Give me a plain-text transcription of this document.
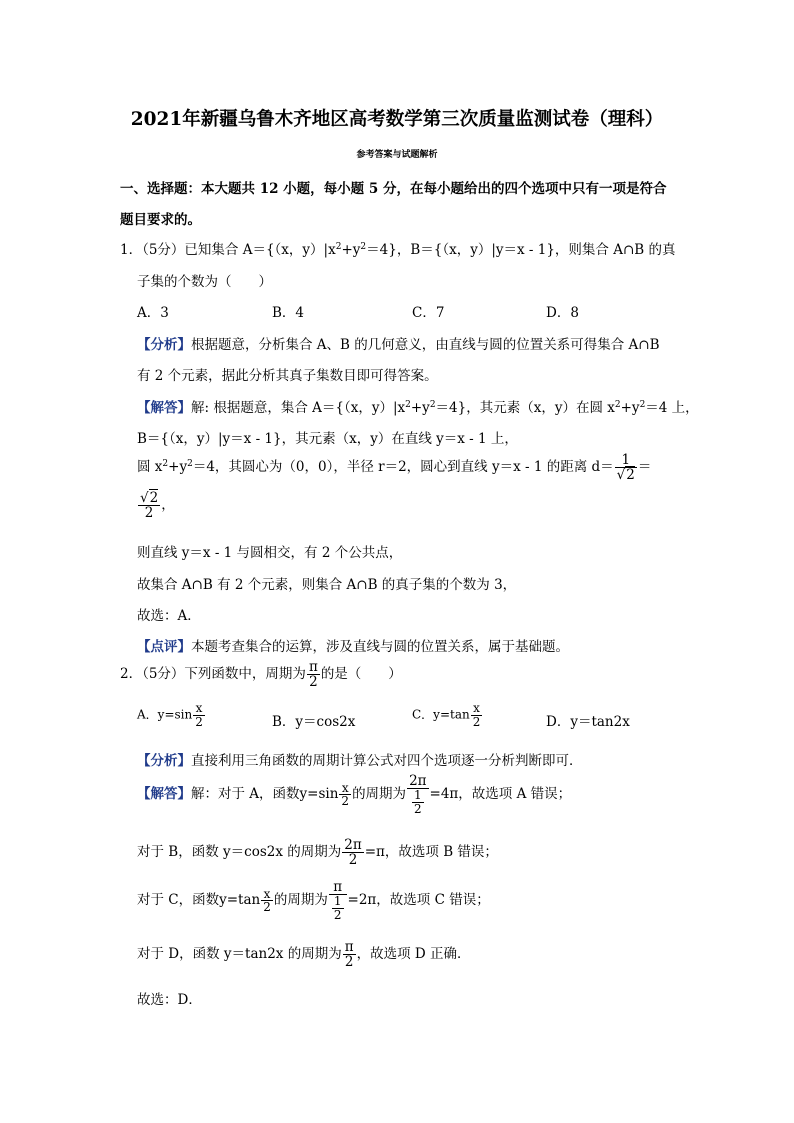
2021年新疆乌鲁木齐地区高考数学第三次质量监测试卷（理科）
参考答案与试题解析
一、选择题：本大题共 12 小题，每小题 5 分，在每小题给出的四个选项中只有一项是符合
题目要求的。
1．（5分）已知集合 A＝{（x，$y)|x^2+y^2=4$}，B＝{（x，y）|y＝x - 1}，则集合 A∩B 的真
子集的个数为（　　）
A．3	B．4	C．7	D．8
【分析】根据题意，分析集合 A、B 的几何意义，由直线与圆的位置关系可得集合 A∩B
有 2 个元素，据此分析其真子集数目即可得答案。
【解答】解: 根据题意，集合 A＝{（x，$y)|x^2+y^2=4$}，其元素（x，y）在圆 $x^2+y^2=4$ 上，
B＝{（x，y）|y＝x - 1}，其元素（x，y）在直线 y＝x - 1 上，
圆 $x^2+y^2=4$，其圆心为（0，0），半径 r＝2，圆心到直线 y＝x - 1 的距离 $d= \frac{1}{√2}$ ＝
$\frac{√2}{2}$ ，
则直线 y＝x - 1 与圆相交，有 2 个公共点，
故集合 A∩B 有 2 个元素，则集合 A∩B 的真子集的个数为 3，
故选：A．
【点评】本题考查集合的运算，涉及直线与圆的位置关系，属于基础题。
2．（5分）下列函数中，周期为 $\frac{\pi}{2}$ 的是（　　）
A．$y=\sin \frac{x}{2}$	B．y＝cos2x	C．$y=\tan \frac{x}{2}$	D．y＝tan2x
【分析】直接利用三角函数的周期计算公式对四个选项逐一分析判断即可．
【解答】解：对于 A，函数$y=\sin \frac{x}{2}$ 的周期为 $\frac{2\pi}{\frac{1}{2}} =4\pi$，故选项 A 错误；
对于 B，函数 y＝cos2x 的周期为 $\frac{2\pi}{2} =\pi$，故选项 B 错误；
对于 C，函数$y=\tan \frac{x}{2}$ 的周期为 $\frac{\pi}{\frac{1}{2}} =2\pi$，故选项 C 错误；
对于 D，函数 y＝tan2x 的周期为 $\frac{\pi}{2}$ ，故选项 D 正确．
故选：D．
